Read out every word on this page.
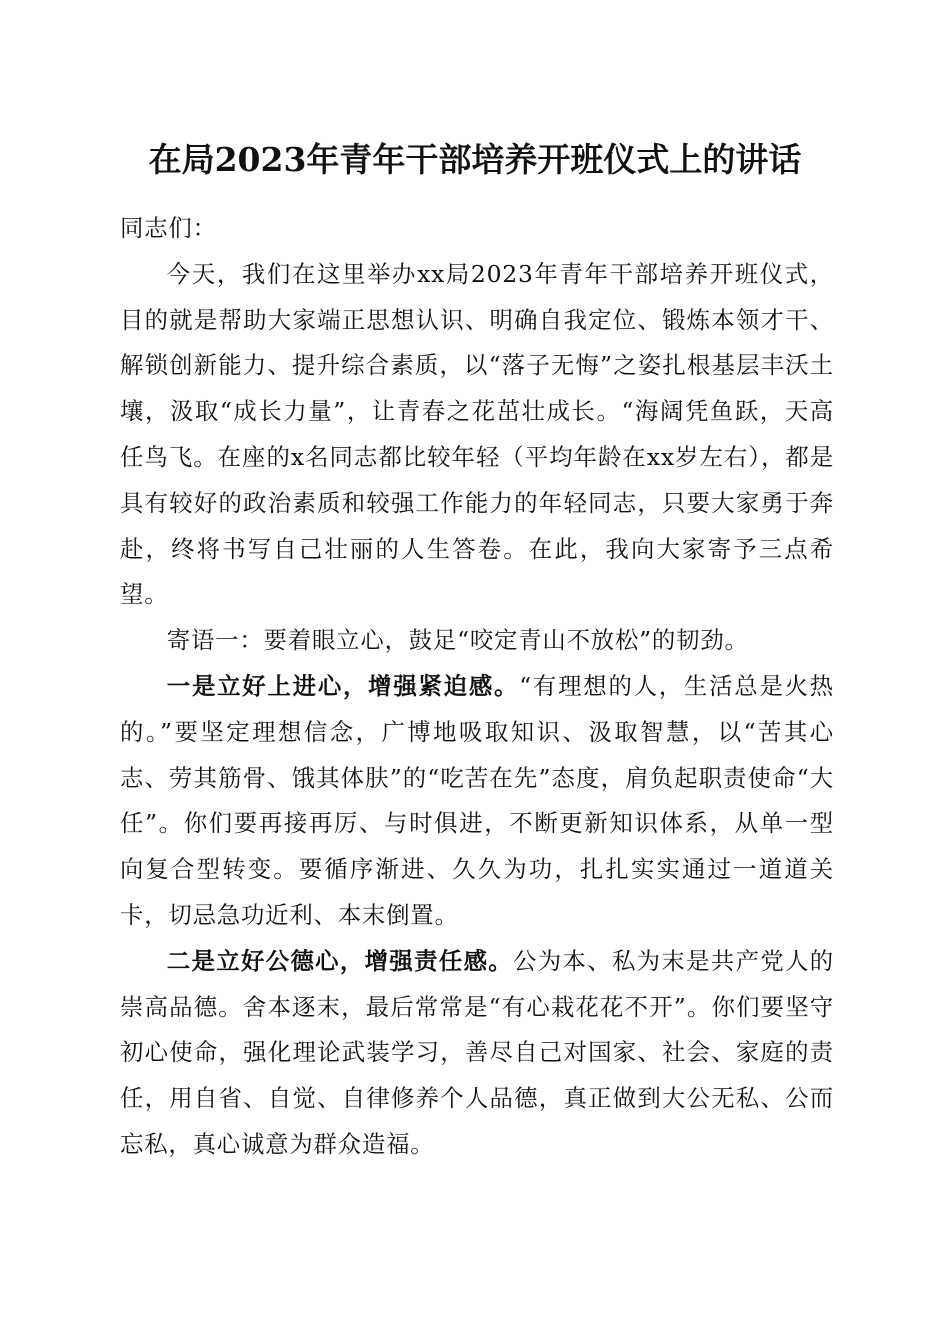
在局2023年青年干部培养开班仪式上的讲话

同志们：

今天，我们在这里举办xx局2023年青年干部培养开班仪式，目的就是帮助大家端正思想认识、明确自我定位、锻炼本领才干、解锁创新能力、提升综合素质，以“落子无悔”之姿扎根基层丰沃土壤，汲取“成长力量”，让青春之花茁壮成长。“海阔凭鱼跃，天高任鸟飞。在座的x名同志都比较年轻（平均年龄在xx岁左右），都是具有较好的政治素质和较强工作能力的年轻同志，只要大家勇于奔赴，终将书写自己壮丽的人生答卷。在此，我向大家寄予三点希望。

寄语一：要着眼立心，鼓足“咬定青山不放松”的韧劲。

一是立好上进心，增强紧迫感。“有理想的人，生活总是火热的。”要坚定理想信念，广博地吸取知识、汲取智慧，以“苦其心志、劳其筋骨、饿其体肤”的“吃苦在先”态度，肩负起职责使命“大任”。你们要再接再厉、与时俱进，不断更新知识体系，从单一型向复合型转变。要循序渐进、久久为功，扎扎实实通过一道道关卡，切忌急功近利、本末倒置。

二是立好公德心，增强责任感。公为本、私为末是共产党人的崇高品德。舍本逐末，最后常常是“有心栽花花不开”。你们要坚守初心使命，强化理论武装学习，善尽自己对国家、社会、家庭的责任，用自省、自觉、自律修养个人品德，真正做到大公无私、公而忘私，真心诚意为群众造福。
